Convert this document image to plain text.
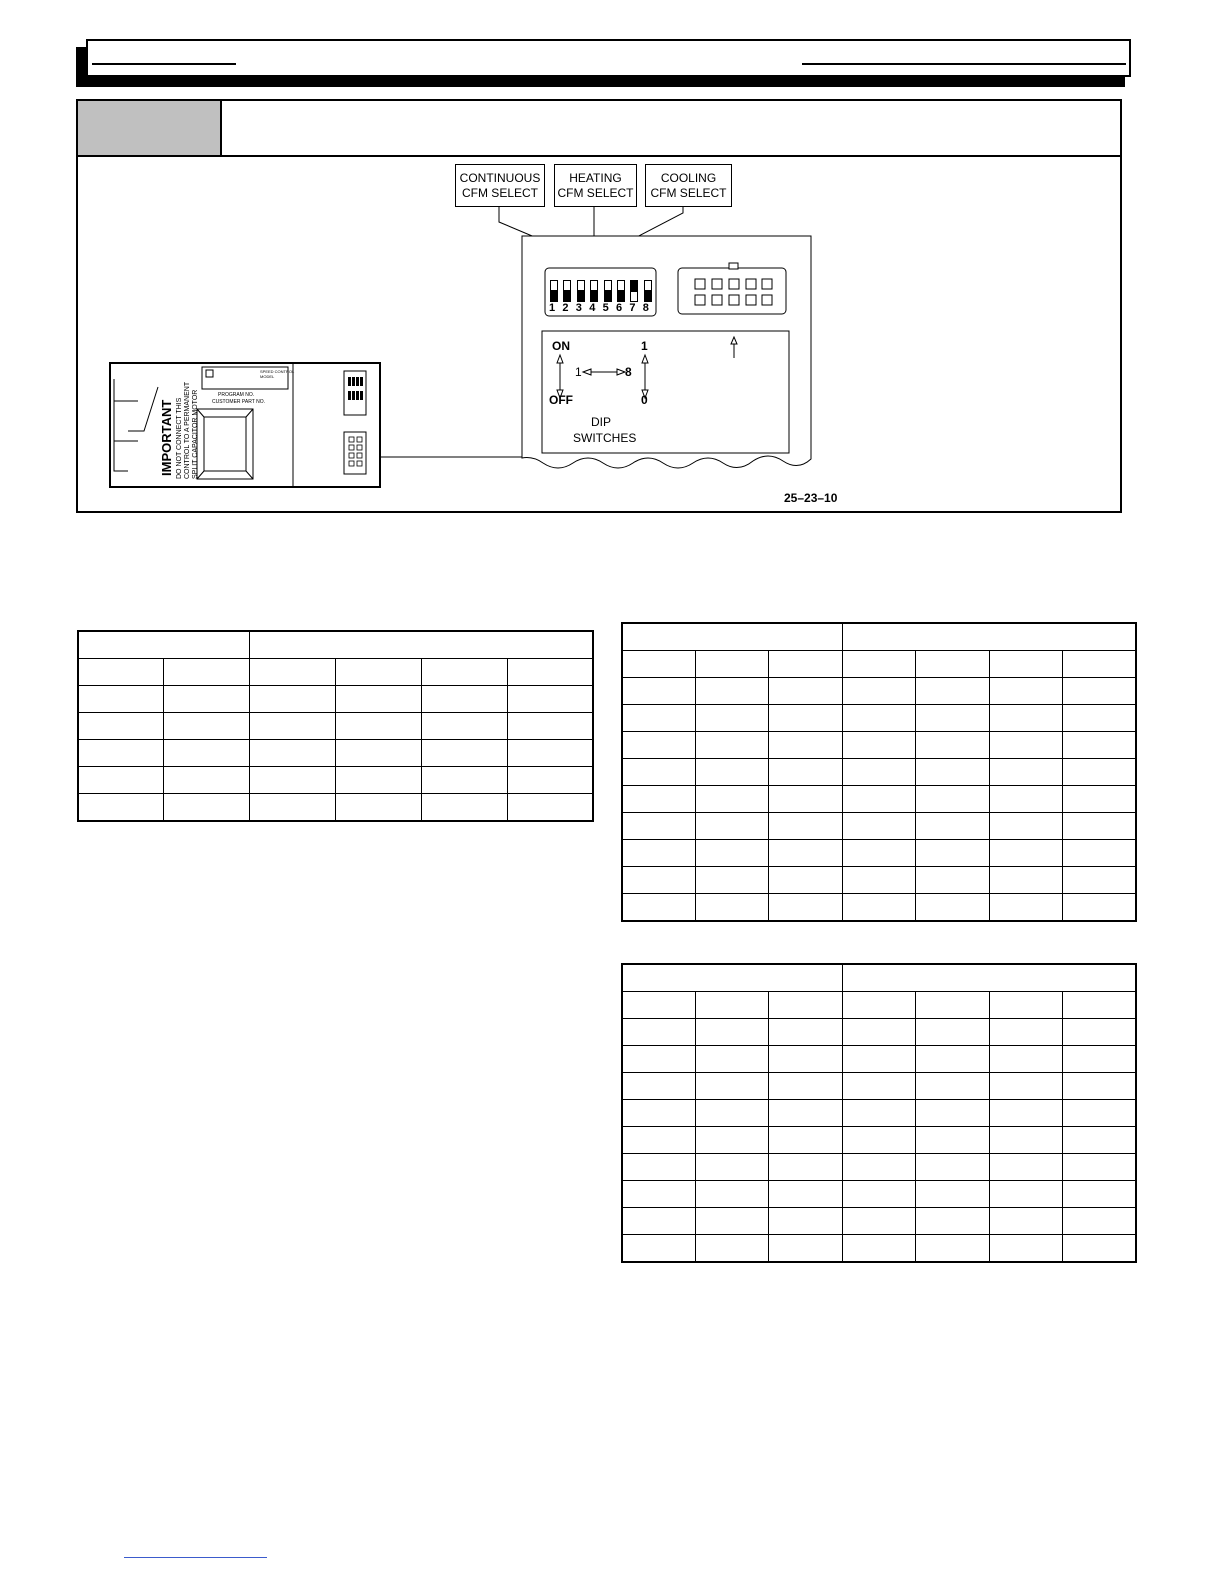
CONTINUOUS
CFM SELECT
HEATING
CFM SELECT
COOLING
CFM SELECT
IMPORTANT DO NOT CONNECT THIS CONTROL TO A PERMANENT SPLIT CAPACITOR MOTOR	PROGRAM NO.
CUSTOMER PART NO.
SPEED CONTROL
MODEL
1 2 3 4 5 6 7 8
ON	1
OFF	0
1	8
DIP
SWITCHES
25–23–10
